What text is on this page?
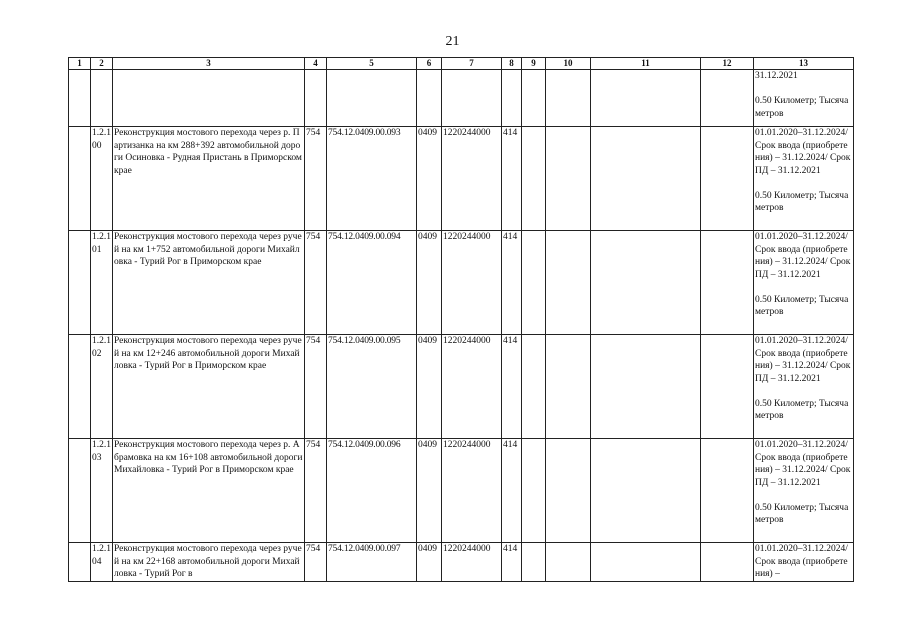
21
1	2	3	4	5	6	7	8	9	10	11	12	13
												31.12.2021

0.50 Километр; Тысяча метров
	1.2.100	Реконструкция мостового перехода через р. Партизанка на км 288+392 автомобильной дороги Осиновка - Рудная Пристань в Приморском крае	754	754.12.0409.00.093	0409	1220244000	414					01.01.2020–31.12.2024/ Срок ввода (приобретения) – 31.12.2024/ Срок ПД – 31.12.2021

0.50 Километр; Тысяча метров
	1.2.101	Реконструкция мостового перехода через ручей на км 1+752 автомобильной дороги Михайловка - Турий Рог в Приморском крае	754	754.12.0409.00.094	0409	1220244000	414					01.01.2020–31.12.2024/ Срок ввода (приобретения) – 31.12.2024/ Срок ПД – 31.12.2021

0.50 Километр; Тысяча метров
	1.2.102	Реконструкция мостового перехода через ручей на км 12+246 автомобильной дороги Михайловка - Турий Рог в Приморском крае	754	754.12.0409.00.095	0409	1220244000	414					01.01.2020–31.12.2024/ Срок ввода (приобретения) – 31.12.2024/ Срок ПД – 31.12.2021

0.50 Километр; Тысяча метров
	1.2.103	Реконструкция мостового перехода через р. Абрамовка на км 16+108 автомобильной дороги Михайловка - Турий Рог в Приморском крае	754	754.12.0409.00.096	0409	1220244000	414					01.01.2020–31.12.2024/ Срок ввода (приобретения) – 31.12.2024/ Срок ПД – 31.12.2021

0.50 Километр; Тысяча метров
	1.2.104	Реконструкция мостового перехода через ручей на км 22+168 автомобильной дороги Михайловка - Турий Рог в	754	754.12.0409.00.097	0409	1220244000	414					01.01.2020–31.12.2024/ Срок ввода (приобретения) –
